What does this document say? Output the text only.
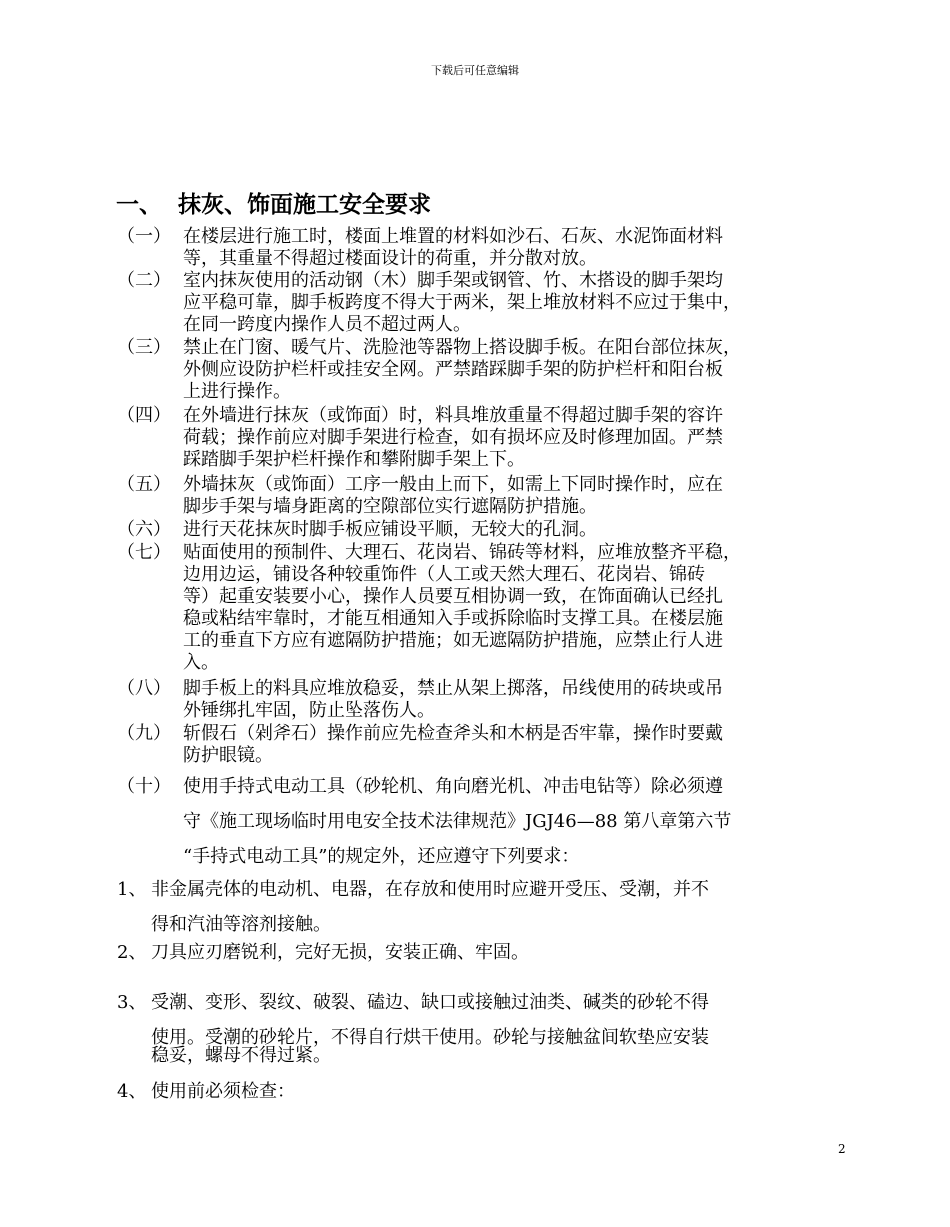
下载后可任意编辑
一、 抹灰、饰面施工安全要求
（一） 在楼层进行施工时，楼面上堆置的材料如沙石、石灰、水泥饰面材料
等，其重量不得超过楼面设计的荷重，并分散对放。
（二） 室内抹灰使用的活动钢（木）脚手架或钢管、竹、木搭设的脚手架均
应平稳可靠，脚手板跨度不得大于两米，架上堆放材料不应过于集中，
在同一跨度内操作人员不超过两人。
（三） 禁止在门窗、暖气片、洗脸池等器物上搭设脚手板。在阳台部位抹灰，
外侧应设防护栏杆或挂安全网。严禁踏踩脚手架的防护栏杆和阳台板
上进行操作。
（四） 在外墙进行抹灰（或饰面）时，料具堆放重量不得超过脚手架的容许
荷载；操作前应对脚手架进行检查，如有损坏应及时修理加固。严禁
踩踏脚手架护栏杆操作和攀附脚手架上下。
（五） 外墙抹灰（或饰面）工序一般由上而下，如需上下同时操作时，应在
脚步手架与墙身距离的空隙部位实行遮隔防护措施。
（六） 进行天花抹灰时脚手板应铺设平顺，无较大的孔洞。
（七） 贴面使用的预制件、大理石、花岗岩、锦砖等材料，应堆放整齐平稳，
边用边运，铺设各种较重饰件（人工或天然大理石、花岗岩、锦砖
等）起重安装要小心，操作人员要互相协调一致，在饰面确认已经扎
稳或粘结牢靠时，才能互相通知入手或拆除临时支撑工具。在楼层施
工的垂直下方应有遮隔防护措施；如无遮隔防护措施，应禁止行人进
入。
（八） 脚手板上的料具应堆放稳妥，禁止从架上掷落，吊线使用的砖块或吊
外锤绑扎牢固，防止坠落伤人。
（九） 斩假石（剁斧石）操作前应先检查斧头和木柄是否牢靠，操作时要戴
防护眼镜。
（十） 使用手持式电动工具（砂轮机、角向磨光机、冲击电钻等）除必须遵
守《施工现场临时用电安全技术法律规范》JGJ46—88 第八章第六节
“手持式电动工具”的规定外，还应遵守下列要求：
1、 非金属壳体的电动机、电器，在存放和使用时应避开受压、受潮，并不
得和汽油等溶剂接触。
2、 刀具应刃磨锐利，完好无损，安装正确、牢固。
3、 受潮、变形、裂纹、破裂、磕边、缺口或接触过油类、碱类的砂轮不得
使用。受潮的砂轮片，不得自行烘干使用。砂轮与接触盆间软垫应安装
稳妥，螺母不得过紧。
4、 使用前必须检查：
2
